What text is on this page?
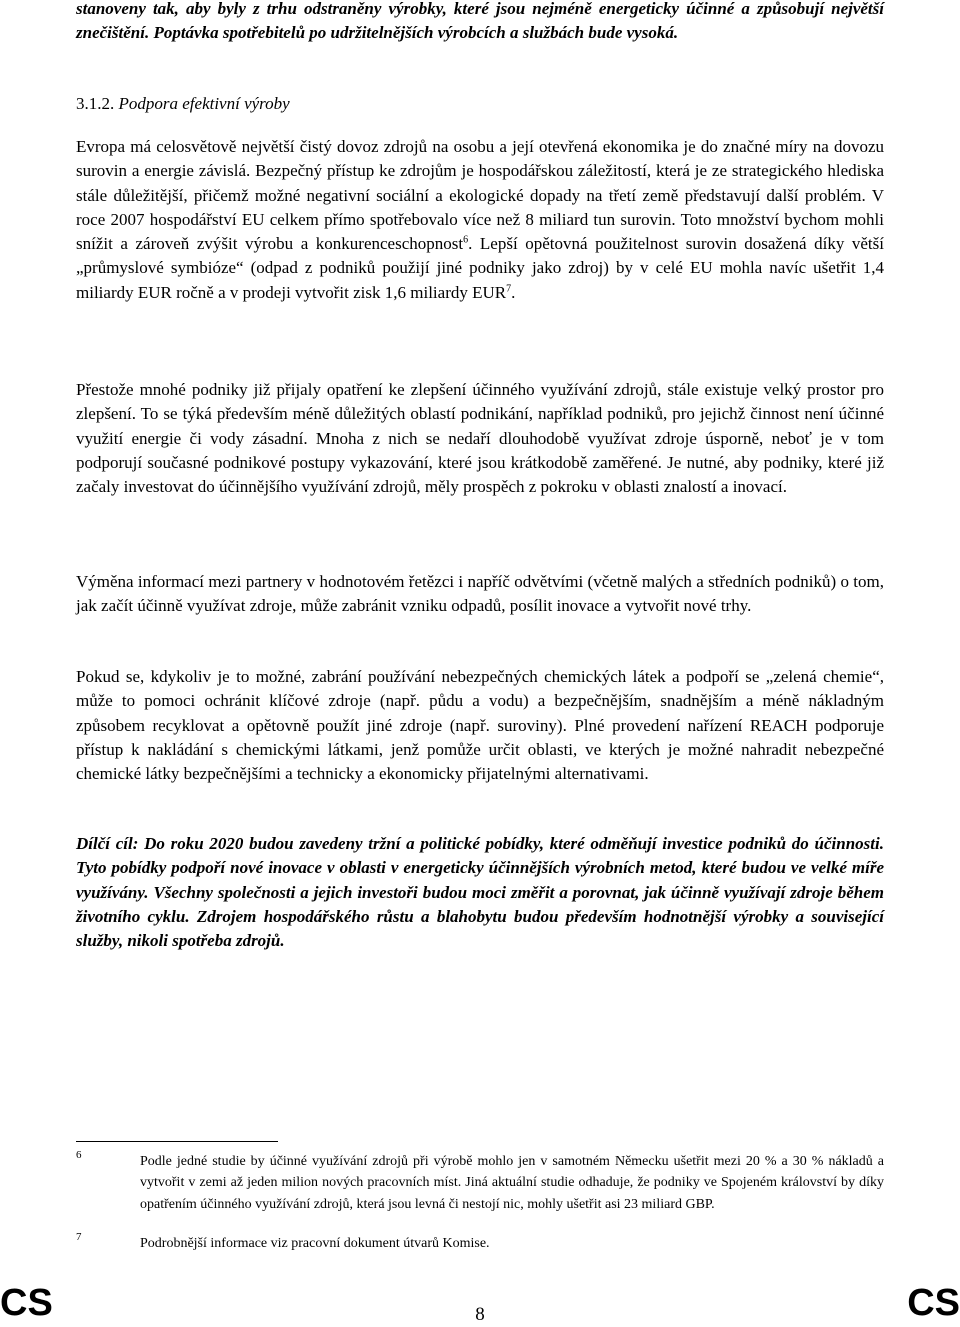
stanoveny tak, aby byly z trhu odstraněny výrobky, které jsou nejméně energeticky účinné a způsobují největší znečištění. Poptávka spotřebitelů po udržitelnějších výrobcích a službách bude vysoká.

3.1.2. Podpora efektivní výroby

Evropa má celosvětově největší čistý dovoz zdrojů na osobu a její otevřená ekonomika je do značné míry na dovozu surovin a energie závislá. Bezpečný přístup ke zdrojům je hospodářskou záležitostí, která je ze strategického hlediska stále důležitější, přičemž možné negativní sociální a ekologické dopady na třetí země představují další problém. V roce 2007 hospodářství EU celkem přímo spotřebovalo více než 8 miliard tun surovin. Toto množství bychom mohli snížit a zároveň zvýšit výrobu a konkurenceschopnost$^6$. Lepší opětovná použitelnost surovin dosažená díky větší „průmyslové symbióze“ (odpad z podniků použijí jiné podniky jako zdroj) by v celé EU mohla navíc ušetřit 1,4 miliardy EUR ročně a v prodeji vytvořit zisk 1,6 miliardy EUR$^7$.

Přestože mnohé podniky již přijaly opatření ke zlepšení účinného využívání zdrojů, stále existuje velký prostor pro zlepšení. To se týká především méně důležitých oblastí podnikání, například podniků, pro jejichž činnost není účinné využití energie či vody zásadní. Mnoha z nich se nedaří dlouhodobě využívat zdroje úsporně, neboť je v tom podporují současné podnikové postupy vykazování, které jsou krátkodobě zaměřené. Je nutné, aby podniky, které již začaly investovat do účinnějšího využívání zdrojů, měly prospěch z pokroku v oblasti znalostí a inovací.

Výměna informací mezi partnery v hodnotovém řetězci i napříč odvětvími (včetně malých a středních podniků) o tom, jak začít účinně využívat zdroje, může zabránit vzniku odpadů, posílit inovace a vytvořit nové trhy.

Pokud se, kdykoliv je to možné, zabrání používání nebezpečných chemických látek a podpoří se „zelená chemie“, může to pomoci ochránit klíčové zdroje (např. půdu a vodu) a bezpečnějším, snadnějším a méně nákladným způsobem recyklovat a opětovně použít jiné zdroje (např. suroviny). Plné provedení nařízení REACH podporuje přístup k nakládání s chemickými látkami, jenž pomůže určit oblasti, ve kterých je možné nahradit nebezpečné chemické látky bezpečnějšími a technicky a ekonomicky přijatelnými alternativami.

Dílčí cíl: Do roku 2020 budou zavedeny tržní a politické pobídky, které odměňují investice podniků do účinnosti. Tyto pobídky podpoří nové inovace v oblasti v energeticky účinnějších výrobních metod, které budou ve velké míře využívány. Všechny společnosti a jejich investoři budou moci změřit a porovnat, jak účinně využívají zdroje během životního cyklu. Zdrojem hospodářského růstu a blahobytu budou především hodnotnější výrobky a související služby, nikoli spotřeba zdrojů.

6	Podle jedné studie by účinné využívání zdrojů při výrobě mohlo jen v samotném Německu ušetřit mezi 20 % a 30 % nákladů a vytvořit v zemi až jeden milion nových pracovních míst. Jiná aktuální studie odhaduje, že podniky ve Spojeném království by díky opatřením účinného využívání zdrojů, která jsou levná či nestojí nic, mohly ušetřit asi 23 miliard GBP.
7	Podrobnější informace viz pracovní dokument útvarů Komise.
CS	8	CS
